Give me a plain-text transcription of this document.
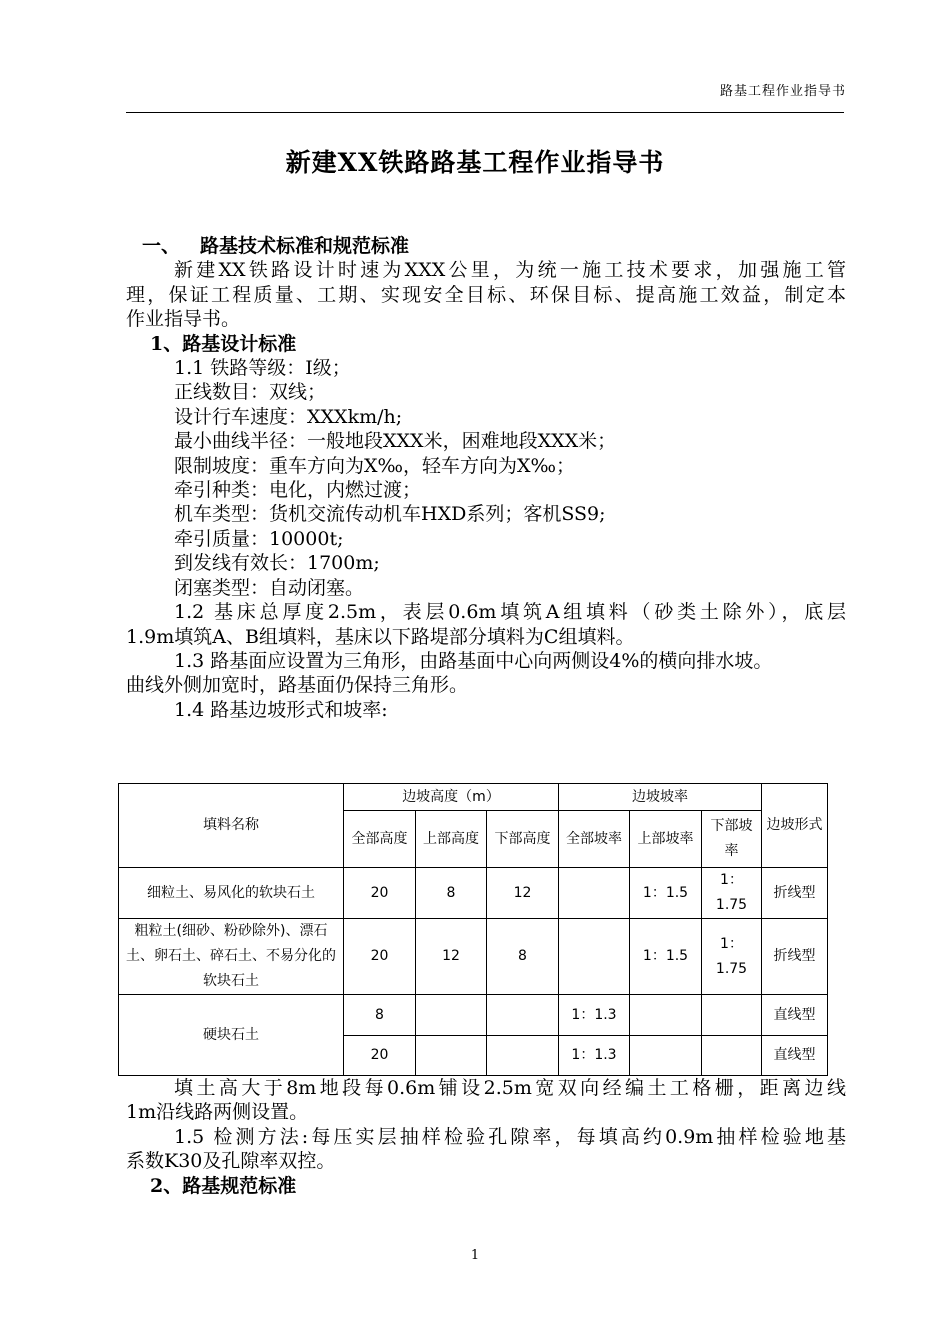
路基工程作业指导书
新建XX铁路路基工程作业指导书
一、 路基技术标准和规范标准
新建XX铁路设计时速为XXX公里，为统一施工技术要求，加强施工管
理，保证工程质量、工期、实现安全目标、环保目标、提高施工效益，制定本
作业指导书。
1、路基设计标准
1.1 铁路等级：Ⅰ级；
正线数目：双线；
设计行车速度：XXXkm/h;
最小曲线半径：一般地段XXX米，困难地段XXX米；
限制坡度：重车方向为X‰，轻车方向为X‰；
牵引种类：电化，内燃过渡；
机车类型：货机交流传动机车HXD系列；客机SS9;
牵引质量：10000t;
到发线有效长：1700m;
闭塞类型：自动闭塞。
1.2 基床总厚度2.5m，表层0.6m填筑A组填料（砂类土除外），底层
1.9m填筑A、B组填料，基床以下路堤部分填料为C组填料。
1.3 路基面应设置为三角形，由路基面中心向两侧设4%的横向排水坡。
曲线外侧加宽时，路基面仍保持三角形。
1.4 路基边坡形式和坡率:
填料名称	边坡高度（m）			边坡坡率			边坡形式
	全部高度	上部高度	下部高度	全部坡率	上部坡率	下部坡率	
细粒土、易风化的软块石土	20	8	12		1：1.5	1：1.75	折线型
粗粒土(细砂、粉砂除外)、漂石土、卵石土、碎石土、不易分化的软块石土	20	12	8		1：1.5	1：1.75	折线型
硬块石土	8			1：1.3			直线型
	20			1：1.3			直线型
填土高大于8m地段每0.6m铺设2.5m宽双向经编土工格栅，距离边线
1m沿线路两侧设置。
1.5 检测方法:每压实层抽样检验孔隙率，每填高约0.9m抽样检验地基
系数K30及孔隙率双控。
2、路基规范标准
1
